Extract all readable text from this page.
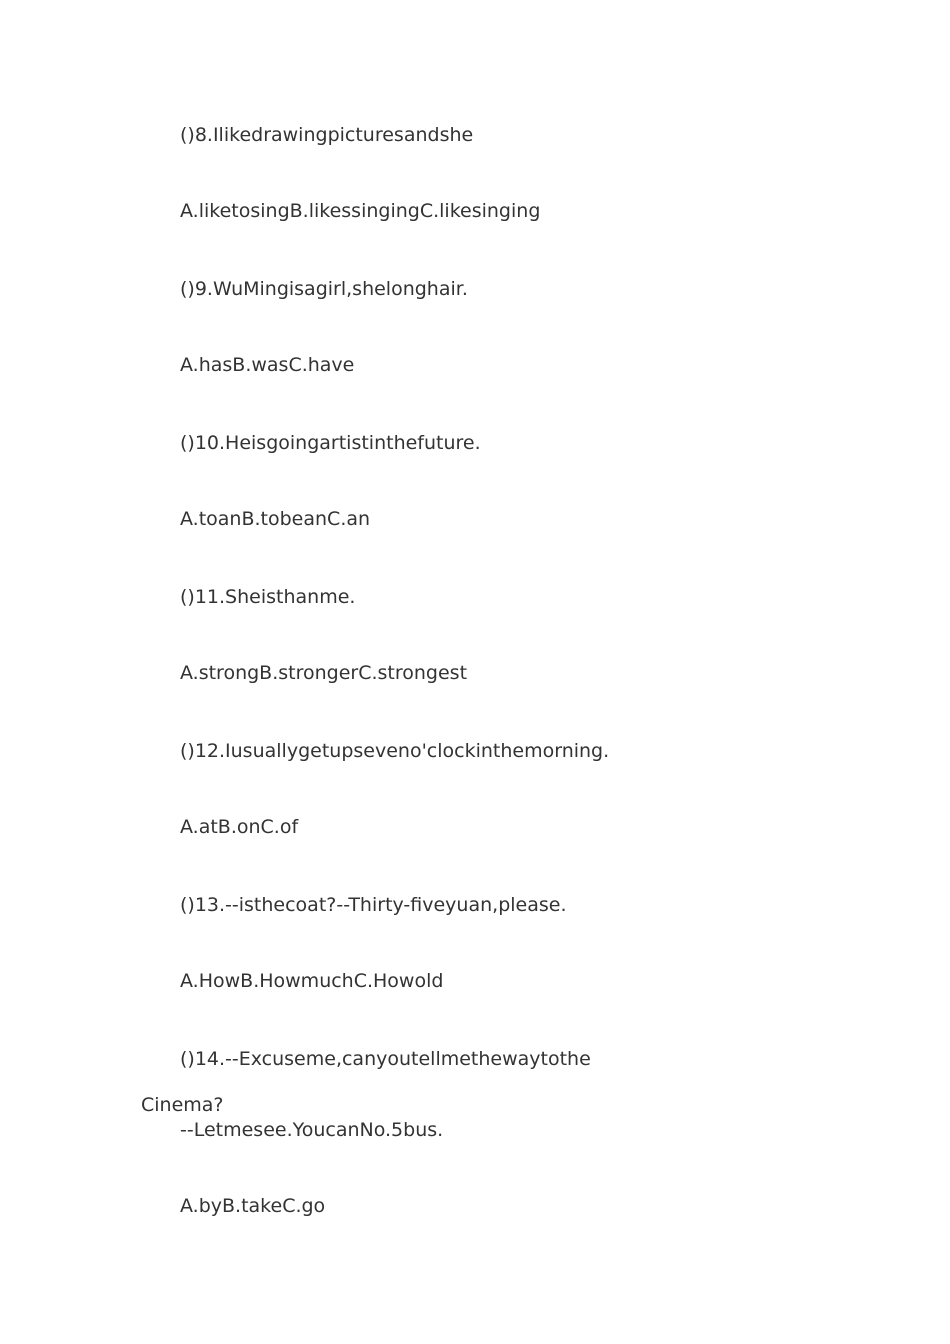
()8.Ilikedrawingpicturesandshe
A.liketosingB.likessingingC.likesinging
()9.WuMingisagirl,shelonghair.
A.hasB.wasC.have
()10.Heisgoingartistinthefuture.
A.toanB.tobeanC.an
()11.Sheisthanme.
A.strongB.strongerC.strongest
()12.Iusuallygetupseveno'clockinthemorning.
A.atB.onC.of
()13.--isthecoat?--Thirty-fiveyuan,please.
A.HowB.HowmuchC.Howold
()14.--Excuseme,canyoutellmethewaytothe
Cinema?
--Letmesee.YoucanNo.5bus.
A.byB.takeC.go
